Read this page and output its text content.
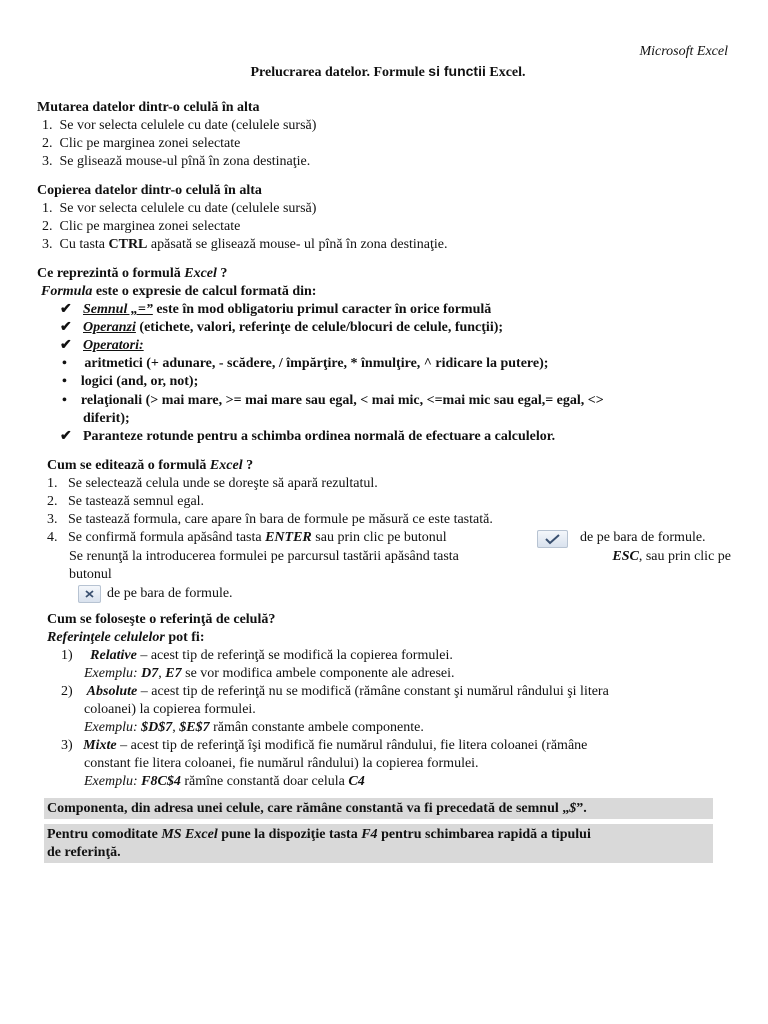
Microsoft Excel
Prelucrarea datelor. Formule si functii Excel.
Mutarea datelor dintr-o celulă în alta
1.  Se vor selecta celulele cu date (celulele sursă)
2.  Clic pe marginea zonei selectate
3.  Se glisează mouse-ul pînă în zona destinaţie.
Copierea datelor dintr-o celulă în alta
1.  Se vor selecta celulele cu date (celulele sursă)
2.  Clic pe marginea zonei selectate
3.  Cu tasta CTRL apăsată se glisează mouse- ul pînă în zona destinaţie.
Ce reprezintă o formulă Excel ?
Formula este o expresie de calcul formată din:
✔ Semnul „=” este în mod obligatoriu primul caracter în orice formulă
✔ Operanzi (etichete, valori, referinţe de celule/blocuri de celule, funcţii);
✔ Operatori:
• aritmetici (+ adunare, - scădere, / împărţire, * înmulţire, ^ ridicare la putere);
• logici (and, or, not);
• relaţionali (> mai mare, >= mai mare sau egal, < mai mic, <=mai mic sau egal,= egal, <>
diferit);
✔ Paranteze rotunde pentru a schimba ordinea normală de efectuare a calculelor.
Cum se editează o formulă Excel ?
1.   Se selectează celula unde se doreşte să apară rezultatul.
2.   Se tastează semnul egal.
3.   Se tastează formula, care apare în bara de formule pe măsură ce este tastată.
4.   Se confirmă formula apăsând tasta ENTER sau prin clic pe butonul	de pe bara de formule.
Se renunţă la introducerea formulei pe parcursul tastării apăsând tasta	ESC, sau prin clic pe
butonul
de pe bara de formule.
Cum se foloseşte o referinţă de celulă?
Referinţele celulelor pot fi:
1)     Relative – acest tip de referinţă se modifică la copierea formulei.
Exemplu: D7, E7 se vor modifica ambele componente ale adresei.
2)    Absolute – acest tip de referinţă nu se modifică (rămâne constant şi numărul rândului şi litera
coloanei) la copierea formulei.
Exemplu: $D$7, $E$7 rămân constante ambele componente.
3)   Mixte – acest tip de referinţă îşi modifică fie numărul rândului, fie litera coloanei (rămâne
constant fie litera coloanei, fie numărul rândului) la copierea formulei.
Exemplu: F8C$4 rămîne constantă doar celula C4
Componenta, din adresa unei celule, care rămâne constantă va fi precedată de semnul „$”.
Pentru comoditate MS Excel pune la dispoziţie tasta F4 pentru schimbarea rapidă a tipului
de referinţă.
